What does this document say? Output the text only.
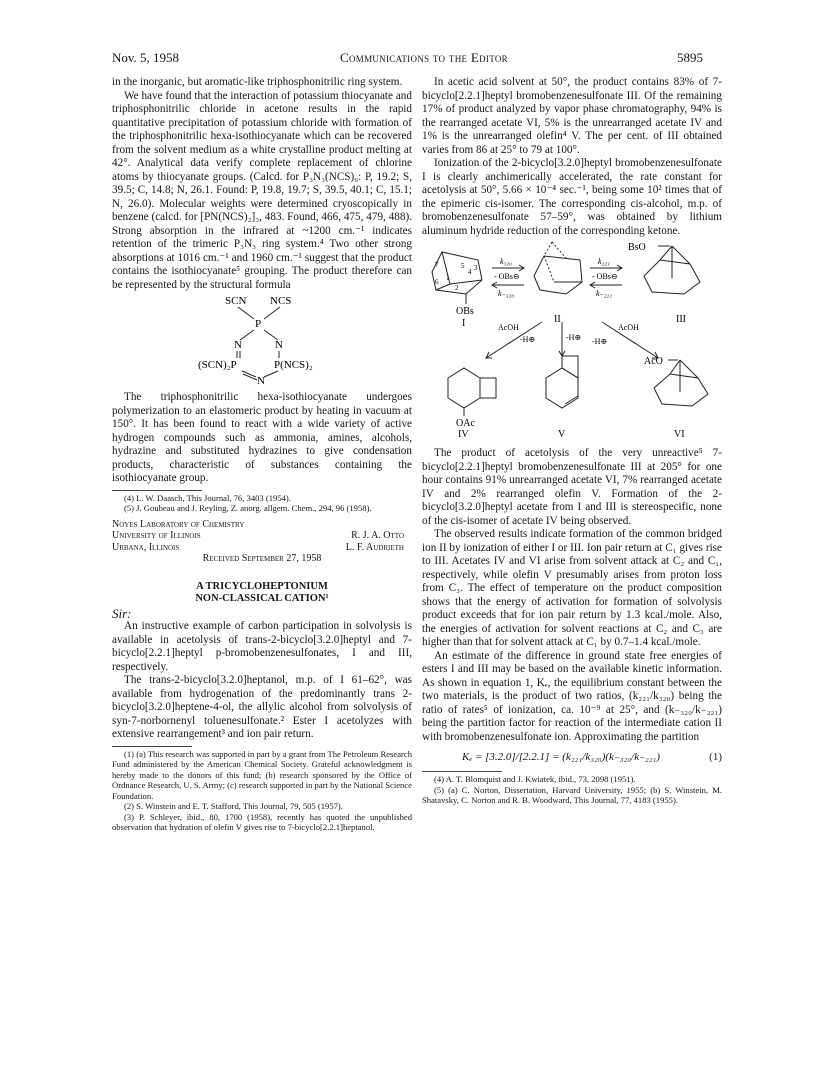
Nov. 5, 1958	Communications to the Editor	5895

in the inorganic, but aromatic-like triphosphonitrilic ring system.

We have found that the interaction of potassium thiocyanate and triphosphonitrilic chloride in acetone results in the rapid quantitative precipitation of potassium chloride with formation of the triphosphonitrilic hexa-isothiocyanate which can be recovered from the solvent medium as a white crystalline product melting at 42°. Analytical data verify complete replacement of chlorine atoms by thiocyanate groups. (Calcd. for P₃N₃(NCS)₆: P, 19.2; S, 39.5; C, 14.8; N, 26.1. Found: P, 19.8, 19.7; S, 39.5, 40.1; C, 15.1; N, 26.0). Molecular weights were determined cryoscopically in benzene (calcd. for [PN(NCS)₂]₃, 483. Found, 466, 475, 479, 488). Strong absorption in the infrared at ~1200 cm.⁻¹ indicates retention of the trimeric P₃N₃ ring system.⁴ Two other strong absorptions at 1016 cm.⁻¹ and 1960 cm.⁻¹ suggest that the product contains the isothiocyanate⁵ grouping. The product therefore can be represented by the structural formula

SCN NCS
P
N	N
(SCN)₂P	P(NCS)₂
N

The triphosphonitrilic hexa-isothiocyanate undergoes polymerization to an elastomeric product by heating in vacuum at 150°. It has been found to react with a wide variety of active hydrogen compounds such as ammonia, amines, alcohols, hydrazine and substituted hydrazines to give condensation products, characteristic of substances containing the isothiocyanate group.

(4) L. W. Daasch, This Journal, 76, 3403 (1954).

(5) J. Goubeau and J. Reyling, Z. anorg. allgem. Chem., 294, 96 (1958).

Noyes Laboratory of Chemistry

University of Illinois	R. J. A. Otto

Urbana, Illinois	L. F. Audrieth

Received September 27, 1958

A TRICYCLOHEPTONIUM

NON-CLASSICAL CATION¹

Sir:

An instructive example of carbon participation in solvolysis is available in acetolysis of trans-2-bicyclo[3.2.0]heptyl and 7-bicyclo[2.2.1]heptyl p-bromobenzenesulfonates, I and III, respectively.

The trans-2-bicyclo[3.2.0]heptanol, m.p. of I 61–62°, was available from hydrogenation of the predominantly trans 2-bicyclo[3.2.0]heptene-4-ol, the allylic alcohol from solvolysis of syn-7-norbornenyl toluenesulfonate.² Ester I acetolyzes with extensive rearrangement³ and ion pair return.

(1) (a) This research was supported in part by a grant from The Petroleum Research Fund administered by the American Chemical Society. Grateful acknowledgment is hereby made to the donors of this fund; (b) research sponsored by the Office of Ordnance Research, U. S. Army; (c) research supported in part by the National Science Foundation.

(2) S. Winstein and E. T. Stafford, This Journal, 79, 505 (1957).

(3) P. Schleyer, ibid., 80, 1700 (1958), recently has quoted the unpublished observation that hydration of olefin V gives rise to 7-bicyclo[2.2.1]heptanol.

In acetic acid solvent at 50°, the product contains 83% of 7-bicyclo[2.2.1]heptyl bromobenzenesulfonate III. Of the remaining 17% of product analyzed by vapor phase chromatography, 94% is the rearranged acetate VI, 5% is the unrearranged acetate IV and 1% is the unrearranged olefin⁴ V. The per cent. of III obtained varies from 86 at 25° to 79 at 100°.

Ionization of the 2-bicyclo[3.2.0]heptyl bromobenzenesulfonate I is clearly anchimerically accelerated, the rate constant for acetolysis at 50°, 5.66 × 10⁻⁴ sec.⁻¹, being some 10² times that of the epimeric cis-isomer. The corresponding cis-alcohol, m.p. of bromobenzenesulfonate 57–59°, was obtained by lithium aluminum hydride reduction of the corresponding ketone.

7
1
6
5
4 3
2
OBs
I
k₃₂₀
- OBs⊖
k₋₃₂₀
II
k₂₂₁
- OBs⊖
k₋₂₂₁
BsO
III
AcOH
-H⊕	-H⊕ -H⊕
AcOH
AcO
OAc
IV	V	VI

The product of acetolysis of the very unreactive⁵ 7-bicyclo[2.2.1]heptyl bromobenzenesulfonate III at 205° for one hour contains 91% unrearranged acetate VI, 7% rearranged acetate IV and 2% rearranged olefin V. Formation of the 2-bicyclo[3.2.0]heptyl acetate from I and III is stereospecific, none of the cis-isomer of acetate IV being observed.

The observed results indicate formation of the common bridged ion II by ionization of either I or III. Ion pair return at C₁ gives rise to III. Acetates IV and VI arise from solvent attack at C₂ and C₁, respectively, while olefin V presumably arises from proton loss from C₃. The effect of temperature on the product composition shows that the energy of activation for formation of solvolysis product exceeds that for ion pair return by 1.3 kcal./mole. Also, the energies of activation for solvent reactions at C₂ and C₃ are higher than that for solvent attack at C₁ by 0.7–1.4 kcal./mole.

An estimate of the difference in ground state free energies of esters I and III may be based on the available kinetic information. As shown in equation 1, Kₑ, the equilibrium constant between the two materials, is the product of two ratios, (k₂₂₁/k₃₂₀) being the ratio of rates⁵ of ionization, ca. 10⁻⁹ at 25°, and (k₋₃₂₀/k₋₂₂₁) being the partition factor for reaction of the intermediate cation II with bromobenzenesulfonate ion. Approximating the partition

Kₑ = [3.2.0]/[2.2.1] = (k₂₂₁/k₃₂₀)(k₋₃₂₀/k₋₂₂₁)	(1)

(4) A. T. Blomquist and J. Kwiatek, ibid., 73, 2098 (1951).

(5) (a) C. Norton, Dissertation, Harvard University, 1955; (b) S. Winstein, M. Shatavsky, C. Norton and R. B. Woodward, This Journal, 77, 4183 (1955).
